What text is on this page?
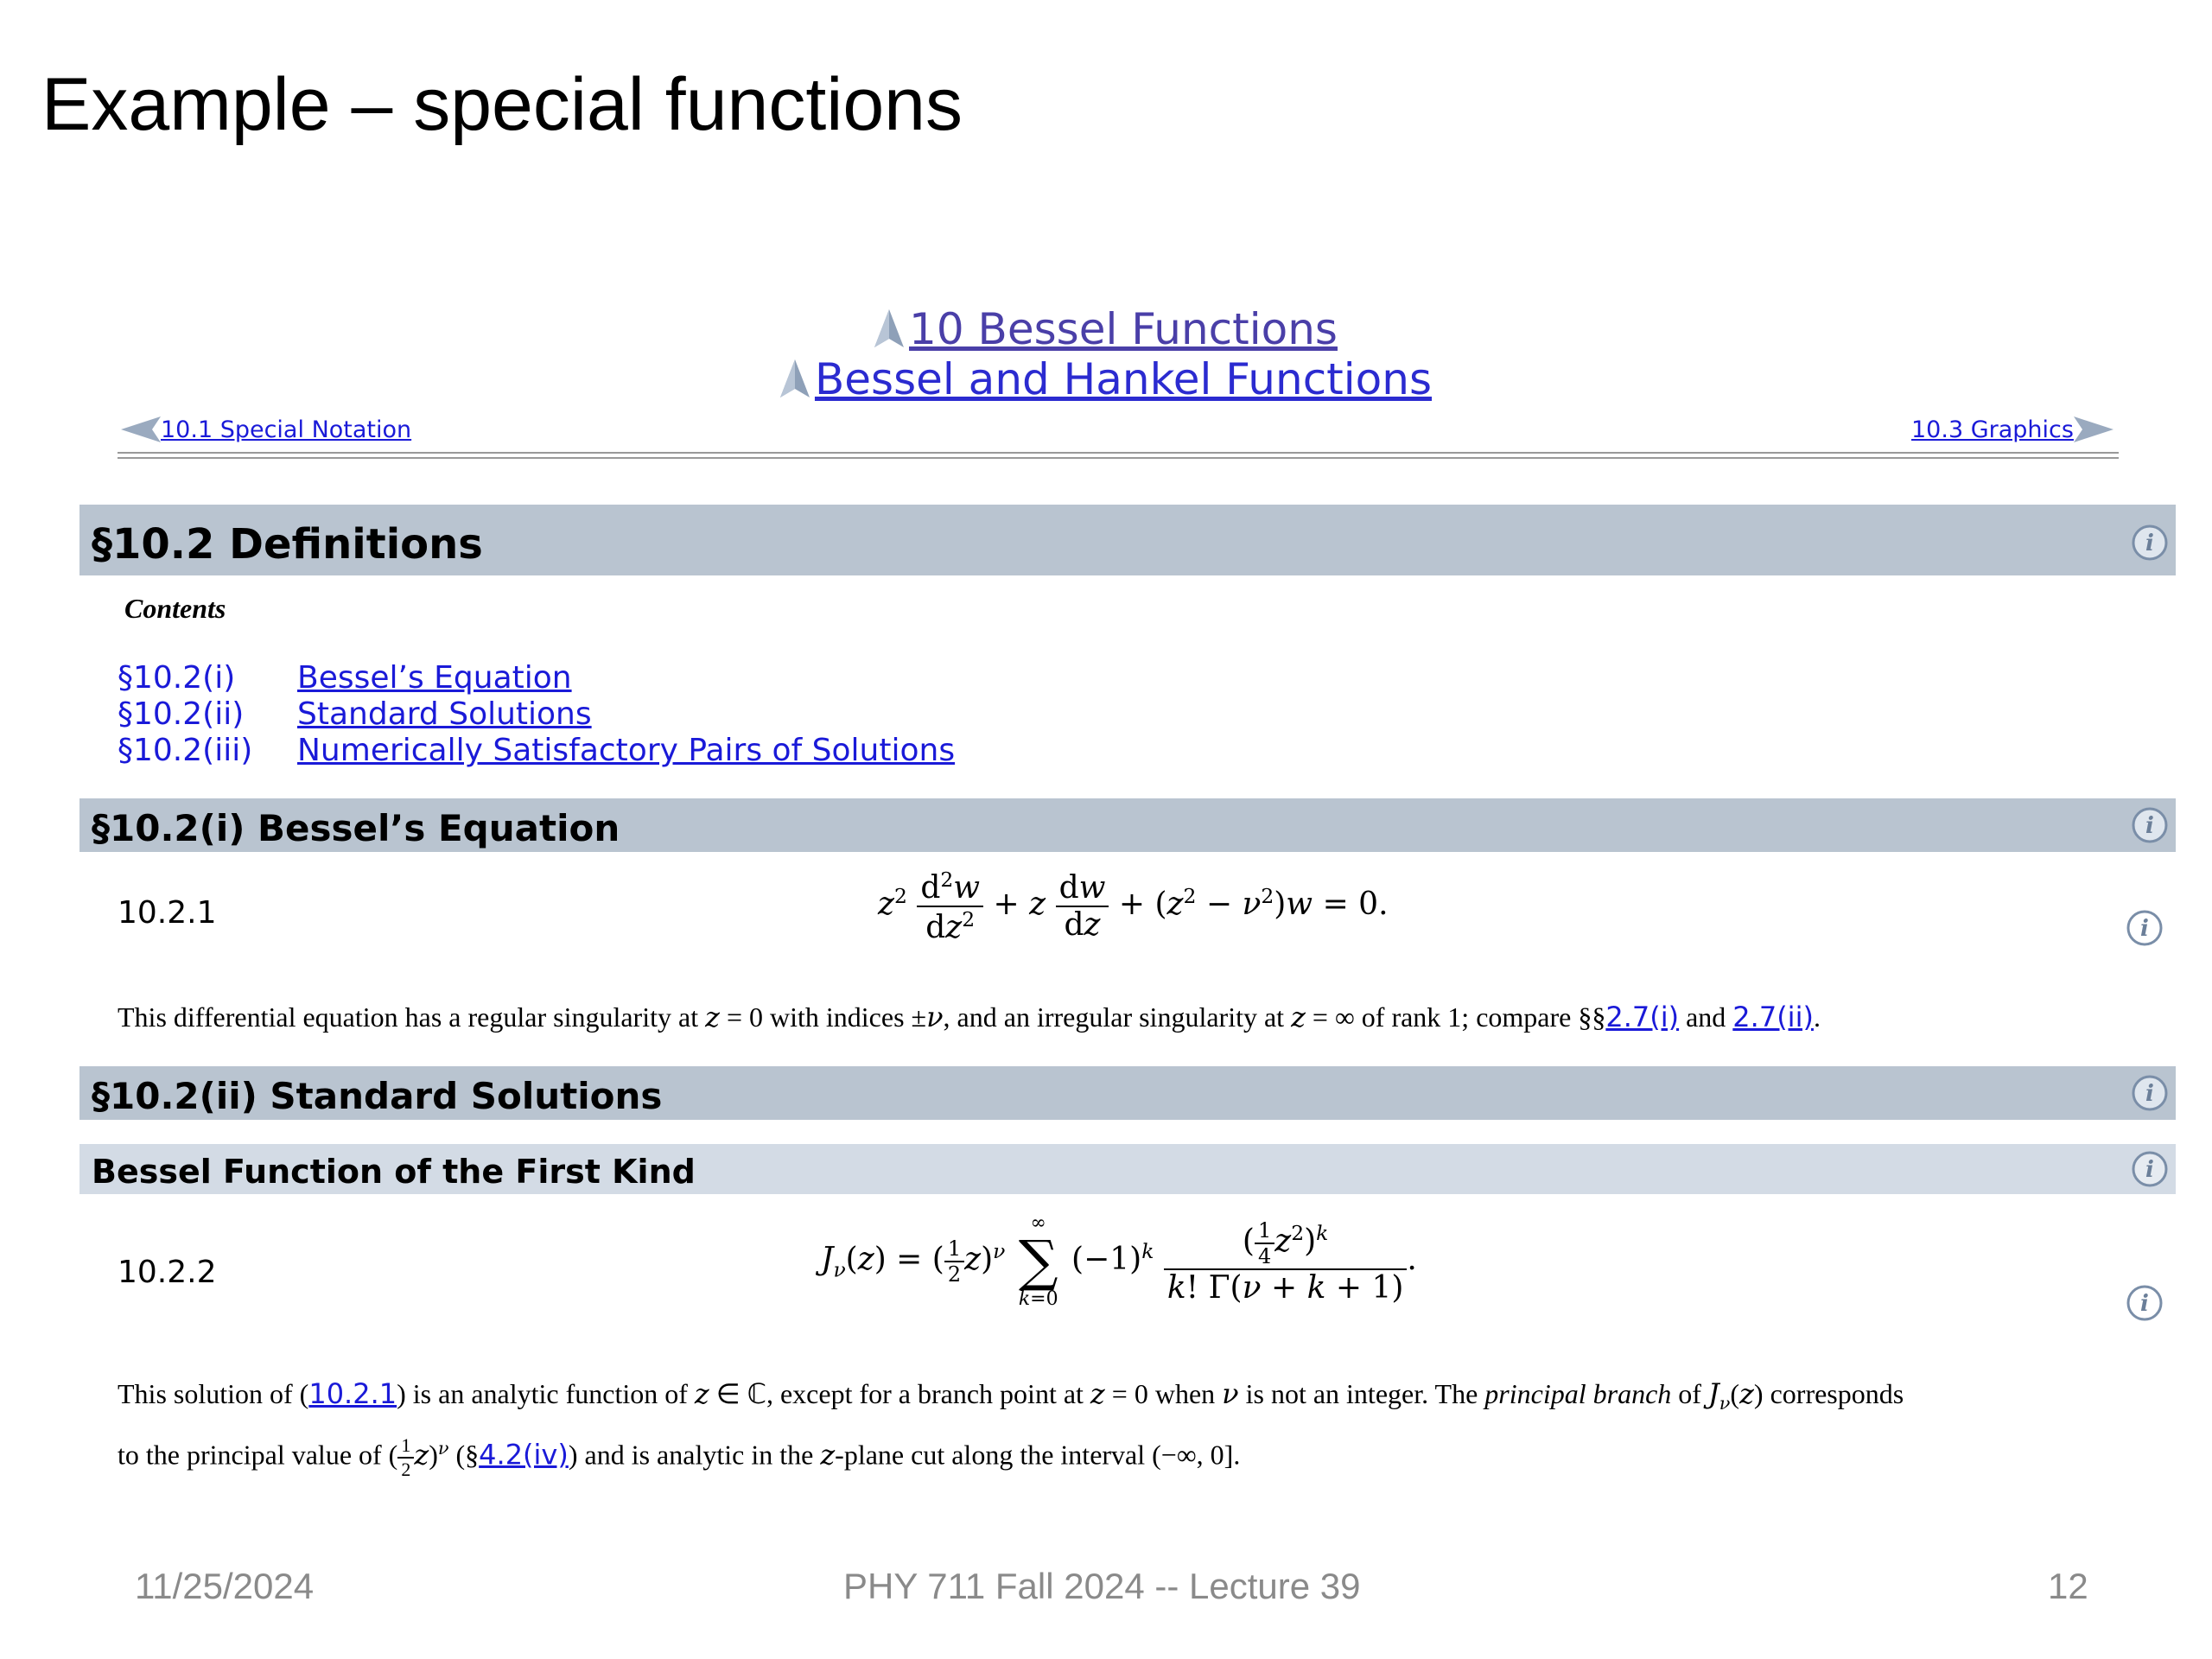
Example – special functions
10 Bessel Functions
Bessel and Hankel Functions
10.1 Special Notation	10.3 Graphics
§10.2 Definitions	i
Contents
§10.2(i) Bessel’s Equation
§10.2(ii) Standard Solutions
§10.2(iii) Numerically Satisfactory Pairs of Solutions
§10.2(i) Bessel’s Equation	i
10.2.1	$z^2 \frac{d^2w}{dz^2} + z \frac{dw}{dz} + (z^2 - \nu^2)w = 0$.
i
This differential equation has a regular singularity at z = 0 with indices ±ν, and an irregular singularity at z = ∞ of rank 1; compare §§2.7(i) and 2.7(ii).
§10.2(ii) Standard Solutions	i
Bessel Function of the First Kind	i
10.2.2	$J_\nu(z)$ = ( $\frac{1}{2} z)^\nu$
∞
∑
k=0
$(-1)^k \frac{( \frac{1}{4} z^2)^k}{k! \Gamma(\nu + k + 1)}$ .
i
This solution of (10.2.1) is an analytic function of z ∈ ℂ, except for a branch point at z = 0 when ν is not an integer. The principal branch of $J_\nu(z)$ corresponds
to the principal value of ( $\frac{1}{2} z)^\nu$ (§4.2(iv)) and is analytic in the z-plane cut along the interval (−∞, 0].
11/25/2024	PHY 711 Fall 2024 -- Lecture 39	12
